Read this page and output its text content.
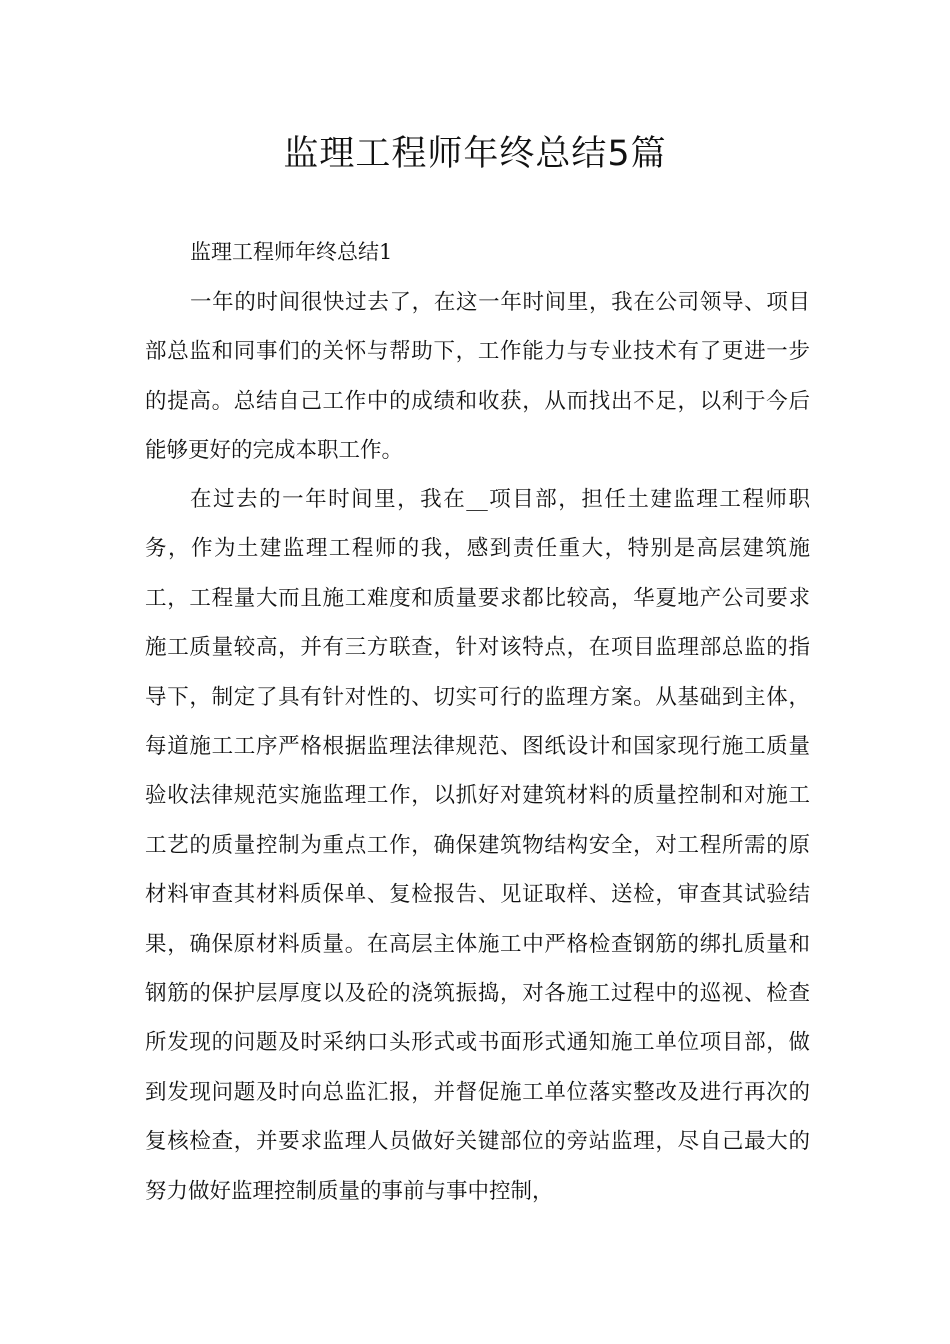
监理工程师年终总结5篇
监理工程师年终总结1

一年的时间很快过去了，在这一年时间里，我在公司领导、项目部总监和同事们的关怀与帮助下，工作能力与专业技术有了更进一步的提高。总结自己工作中的成绩和收获，从而找出不足，以利于今后能够更好的完成本职工作。

在过去的一年时间里，我在__项目部，担任土建监理工程师职务，作为土建监理工程师的我，感到责任重大，特别是高层建筑施工，工程量大而且施工难度和质量要求都比较高，华夏地产公司要求施工质量较高，并有三方联查，针对该特点，在项目监理部总监的指导下，制定了具有针对性的、切实可行的监理方案。从基础到主体，每道施工工序严格根据监理法律规范、图纸设计和国家现行施工质量验收法律规范实施监理工作，以抓好对建筑材料的质量控制和对施工工艺的质量控制为重点工作，确保建筑物结构安全，对工程所需的原材料审查其材料质保单、复检报告、见证取样、送检，审查其试验结果，确保原材料质量。在高层主体施工中严格检查钢筋的绑扎质量和钢筋的保护层厚度以及砼的浇筑振捣，对各施工过程中的巡视、检查所发现的问题及时采纳口头形式或书面形式通知施工单位项目部，做到发现问题及时向总监汇报，并督促施工单位落实整改及进行再次的复核检查，并要求监理人员做好关键部位的旁站监理，尽自己最大的努力做好监理控制质量的事前与事中控制，
